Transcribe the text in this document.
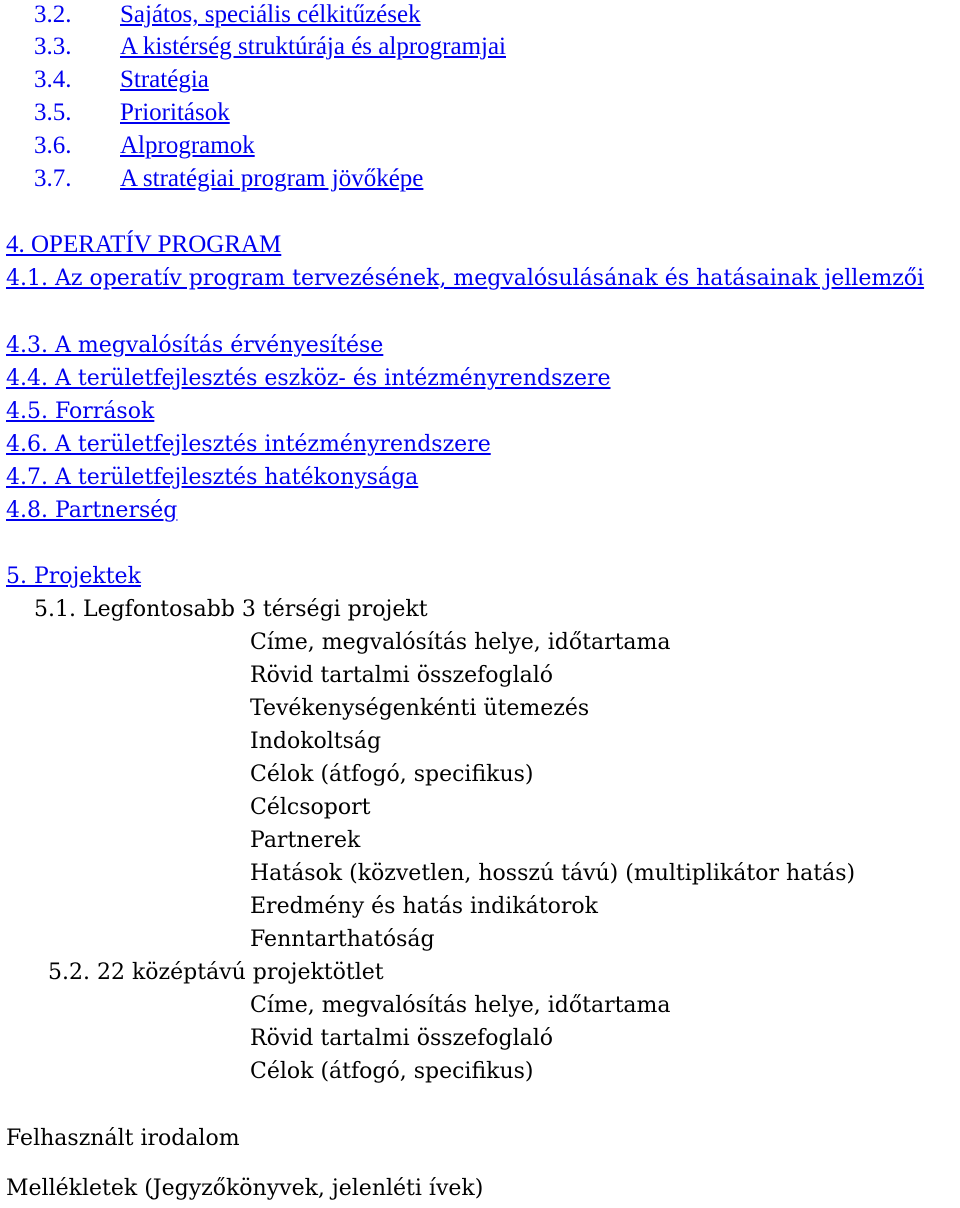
3.2. Sajátos, speciális célkitűzések
3.3. A kistérség struktúrája és alprogramjai
3.4. Stratégia
3.5. Prioritások
3.6. Alprogramok
3.7. A stratégiai program jövőképe
4. OPERATÍV PROGRAM
4.1. Az operatív program tervezésének, megvalósulásának és hatásainak jellemzői
4.3. A megvalósítás érvényesítése
4.4. A területfejlesztés eszköz- és intézményrendszere
4.5. Források
4.6. A területfejlesztés intézményrendszere
4.7. A területfejlesztés hatékonysága
4.8. Partnerség
5. Projektek
5.1. Legfontosabb 3 térségi projekt
Címe, megvalósítás helye, időtartama
Rövid tartalmi összefoglaló
Tevékenységenkénti ütemezés
Indokoltság
Célok (átfogó, specifikus)
Célcsoport
Partnerek
Hatások (közvetlen, hosszú távú) (multiplikátor hatás)
Eredmény és hatás indikátorok
Fenntarthatóság
5.2. 22 középtávú projektötlet
Címe, megvalósítás helye, időtartama
Rövid tartalmi összefoglaló
Célok (átfogó, specifikus)
Felhasznált irodalom
Mellékletek (Jegyzőkönyvek, jelenléti ívek)
